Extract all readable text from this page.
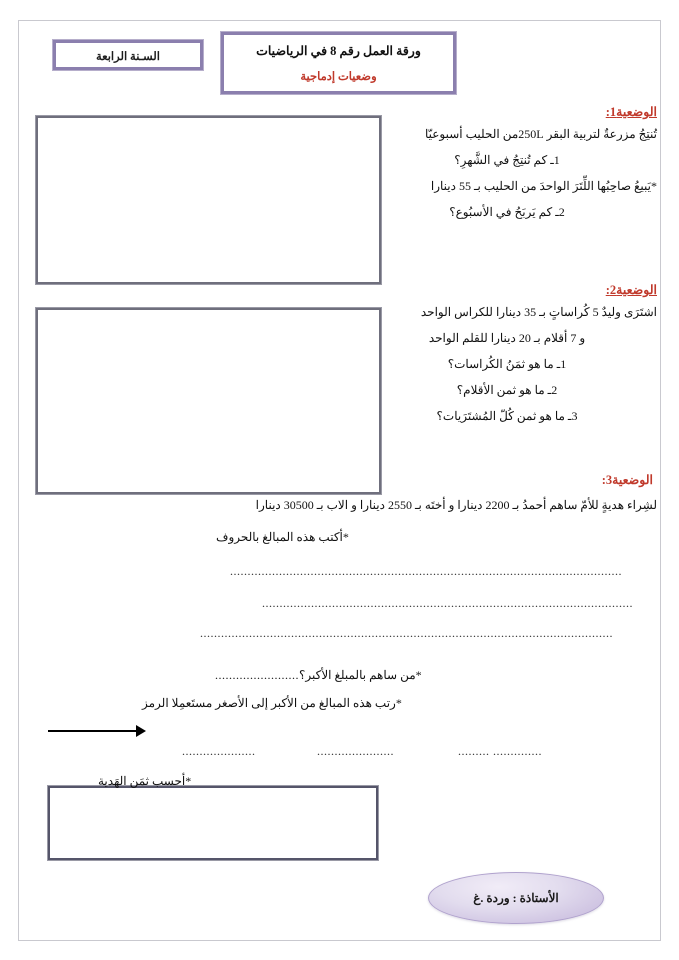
السـنة الرابعة	ورقة العمل رقم 8 في الرياضيات
وضعيات إدماجية

الوضعية1:

تُنتِجُ مزرعةٌ لتربية البقر 250Lمن الحليب أسبوعيّا

1ـ كم تُنتِجُ في الشَّهرِ؟

*يَبيعُ صاحِبُها اللِّتَرَ الواحدَ من الحليب بـ 55 دينارا

2ـ كم يَربَحُ في الأسبُوع؟

الوضعية2:

اشتَرَى وليدٌ 5 كُراساتٍ بـ 35 دينارا للكراس الواحد

و 7 أقلام بـ 20 دينارا للقلم الواحد

1ـ ما هو ثمَنُ الكُراسات؟

2ـ ما هو ثمن الأقلام؟

3ـ ما هو ثمن كُلّ المُشتَرَيات؟

الوضعية3:

لشِراء هديةٍ للأمّ ساهم أحمدُ بـ 2200 دينارا و أختَه بـ 2550 دينارا و الاب بـ 30500 دينارا

*أكتب هذه المبالغ بالحروف

................................................................................................................
..........................................................................................................
......................................................................................................................
*من ساهم بالمبلغ الأكبر؟........................
*رتب هذه المبالغ من الأكبر إلى الأصغر مستَعمِلا الرمز
.....................	......................	......... ..............
*أحسب ثمَن الهَدية
الأستاذة : وردة .غ
